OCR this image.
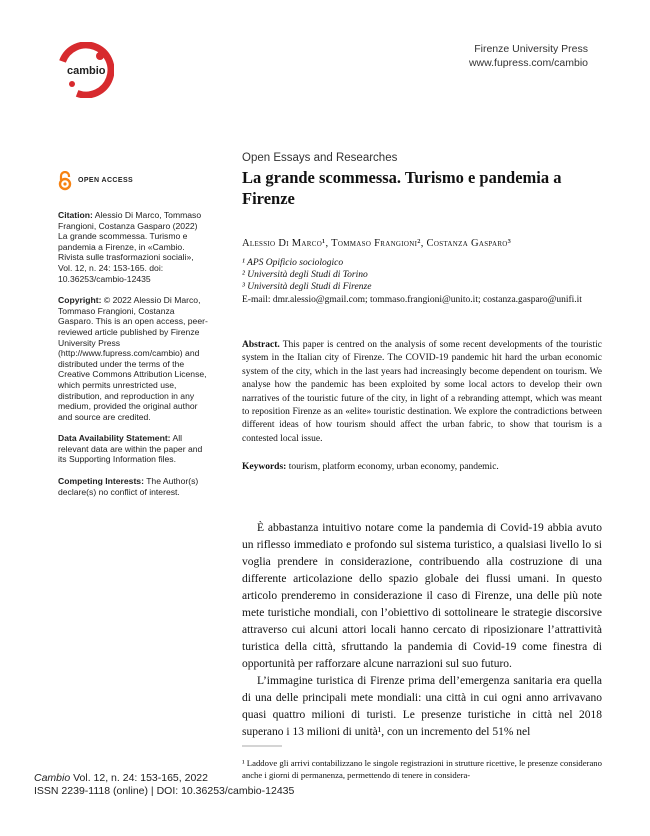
cambio
Firenze University Press
www.fupress.com/cambio
OPEN ACCESS

Citation: Alessio Di Marco, Tommaso Frangioni, Costanza Gasparo (2022) La grande scommessa. Turismo e pandemia a Firenze, in «Cambio. Rivista sulle trasformazioni sociali», Vol. 12, n. 24: 153-165. doi: 10.36253/cambio-12435

Copyright: © 2022 Alessio Di Marco, Tommaso Frangioni, Costanza Gasparo. This is an open access, peer-reviewed article published by Firenze University Press (http://www.fupress.com/cambio) and distributed under the terms of the Creative Commons Attribution License, which permits unrestricted use, distribution, and reproduction in any medium, provided the original author and source are credited.

Data Availability Statement: All relevant data are within the paper and its Supporting Information files.

Competing Interests: The Author(s) declare(s) no conflict of interest.

Open Essays and Researches
La grande scommessa. Turismo e pandemia a Firenze
Alessio Di Marco¹, Tommaso Frangioni², Costanza Gasparo³
¹ APS Opificio sociologico
² Università degli Studi di Torino
³ Università degli Studi di Firenze
E-mail: dmr.alessio@gmail.com; tommaso.frangioni@unito.it; costanza.gasparo@unifi.it
Abstract. This paper is centred on the analysis of some recent developments of the touristic system in the Italian city of Firenze. The COVID-19 pandemic hit hard the urban economic system of the city, which in the last years had increasingly become dependent on tourism. We analyse how the pandemic has been exploited by some local actors to develop their own narratives of the touristic future of the city, in light of a rebranding attempt, which was meant to reposition Firenze as an «elite» touristic destination. We explore the contradictions between different ideas of how tourism should affect the urban fabric, to show that tourism is a contested local issue.
Keywords: tourism, platform economy, urban economy, pandemic.

È abbastanza intuitivo notare come la pandemia di Covid-19 abbia avuto un riflesso immediato e profondo sul sistema turistico, a qualsiasi livello lo si voglia prendere in considerazione, contribuendo alla costruzione di una differente articolazione dello spazio globale dei flussi umani. In questo articolo prenderemo in considerazione il caso di Firenze, una delle più note mete turistiche mondiali, con l’obiettivo di sottolineare le strategie discorsive attraverso cui alcuni attori locali hanno cercato di riposizionare l’attrattività turistica della città, sfruttando la pandemia di Covid-19 come finestra di opportunità per rafforzare alcune narrazioni sul suo futuro.

L’immagine turistica di Firenze prima dell’emergenza sanitaria era quella di una delle principali mete mondiali: una città in cui ogni anno arrivavano quasi quattro milioni di turisti. Le presenze turistiche in città nel 2018 superano i 13 milioni di unità¹, con un incremento del 51% nel

¹ Laddove gli arrivi contabilizzano le singole registrazioni in strutture ricettive, le presenze considerano anche i giorni di permanenza, permettendo di tenere in considera-
Cambio Vol. 12, n. 24: 153-165, 2022
ISSN 2239-1118 (online) | DOI: 10.36253/cambio-12435
